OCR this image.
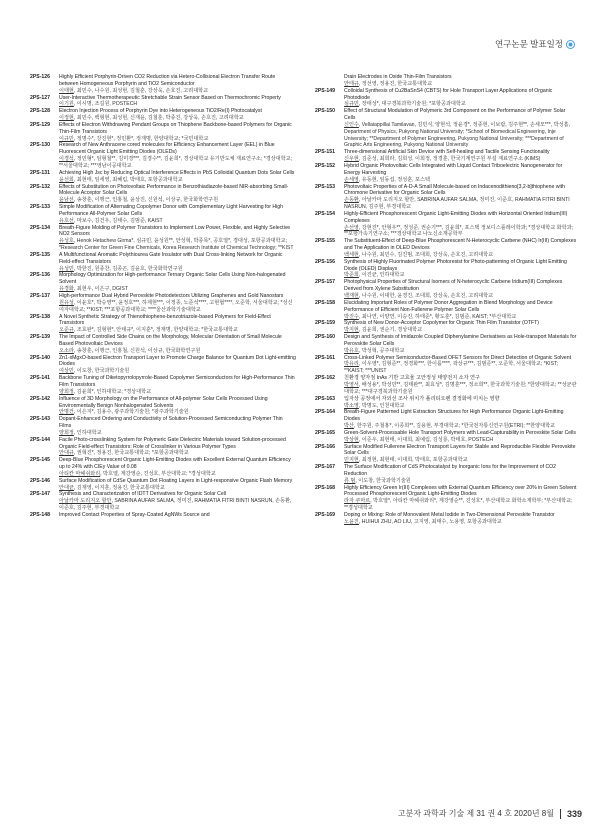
연구논문 발표일정
2PS-126	Highly Efficient Porphyrin-Driven CO2 Reduction via Hetero-Collisional Electron Transfer Route between Homogeneous Porphyrin and TiO2 Semiconductor
이태현, 최민수, 나수원, 최성현, 김철훈, 강상욱, 손호진, 고려대학교
2PS-127	User-Interactive Thermotherapeutic Stretchable Strain Sensor Based on Thermochromic Property
이기원, 이시명, 조길원, POSTECH
2PS-128	Electron Injection Process of Porphyrin Dye into Heterogeneous TiO2/Re(I) Photocatalyst
이정현, 최민수, 백형현, 최성현, 신재윤, 김철훈, 박종진, 강상욱, 손호진, 고려대학교
2PS-129	Effects of Electron Withdrawing Pendant Groups on Thiophene Backbone-based Polymers for Organic Thin-Film Transistors
이규민, 정명수*, 강진현*, 정민환*, 정재명, 한양대학교; *국민대학교
2PS-130	Research of New Anthracene cored molecules for Efficiency Enhancement Layer (EEL) in Blue Fluorescent Organic Light Emitting Diodes (OLEDs)
이경석, 정민형*, 임형철**, 김미경***, 김경수**, 김윤희*, 경상대학교 유기반도체 재료연구소; *경상대학교; **서울대학교; ***영남이공대학교
2PS-131	Achieving High Jsc by Reducing Optical Interference Effects in PbS Colloidal Quantum Dots Solar Cells
윤선희, 최현태, 임세영, 최혜림, 박태호, 포항공과대학교
2PS-132	Effects of Substitution on Photovoltaic Performance in Benzothiadiazole-based NIR-absorbing Small-Molecule Acceptor Solar Cells
윤남선, 송창훈, 이행근, 인홍철, 윤상진, 신원석, 이상규, 한국화학연구원
2PS-133	Simple Modification of Alternating Copolymer Donor with Complementary Light Harvesting for High Performance All-Polymer Solar Cells
유호선, 마보수, 김건우, 김태수, 김범준, KAIST
2PS-134	Breath-Figure Molding of Polymer Transistors to Implement Low Power, Flexible, and Highly Selective NO2 Sensors
유성호, Henok Hetachew Girma*, 심규민, 윤성원**, 안성혁, 박종목*, 공호열*, 경대성, 포항공과대학교; *Research Center for Green Fine Chemicals, Korea Research Institute of Chemical Technology; **KIST
2PS-135	A Multifunctional Aromatic Polythiourea Gate Insulator with Dual Cross-linking Network for Organic Field-effect Transistors
유성민, 박한진, 원종찬, 김종곤, 김윤호, 한국화학연구원
2PS-136	Morphology Optimization for High-performance Ternary Organic Solar Cells Using Non-halogenated Solvent
유경화, 최현우, 이은구, DGIST
2PS-137	High-performance Dual Hybrid Perovskite Photodetectors Utilizing Graphenes and Gold Nanostars
원유성, 이윤호*, 박승영**, 윤정호***, 하제현***, 이정종, 노준석****, 고현협****, 오준학, 서울대학교; *성신여자대학교; **KIST; ***포항공과대학교; ****울산과학기술대학교
2PS-138	A Novel Synthetic Strategy of Thienothiophene-benzotriazole-based Polymers for Field-Effect Transistors
오준규, 조효완*, 김형현*, 안태규*, 이지훈*, 정재명, 한양대학교; *한국교통대학교
2PS-139	The Impact of Controlled Side Chains on the Morphology, Molecular Orientation of Small Molecule Based Photovoltaic Devices
오소라, 송창훈, 이행근, 인홍철, 신원석, 이상규, 한국화학연구원
2PS-140	Zn1-xMgxO-based Electron Transport Layer to Promote Charge Balance for Quantum Dot Light-emitting Diodes
여상민, 이도창, 한국과학기술원
2PS-141	Backbone Tuning of Diketopyrrolopyrrole-Based Copolymer Semiconductors for High-Performance Thin Film Transistors
양희정, 김윤희*, 인하대학교; *경상대학교
2PS-142	Influence of 3D Morphology on the Performance of All-polymer Solar Cells Processed Using Environmentally Benign Nonhalogenated Solvents
안명건, 이은지*, 김용수, 광주과학기술원; *광주과학기술원
2PS-143	Dopant-Enhanced Ordering and Conductivity of Solution-Processed Semiconducting Polymer Thin Films
양희정, 인하대학교
2PS-144	Facile Photo-crosslinking System for Polymeric Gate Dielectric Materials toward Solution-processed Organic Field-effect Transistors: Role of Crosslinker in Various Polymer Types
안대규, 권혁진*, 정용진, 한국교통대학교; *포항공과대학교
2PS-145	Deep-Blue Phosphorescent Organic Light-Emitting Diodes with Excellent External Quantum Efficiency up to 24% with CIEy Value of 0.08
아티칸 마헤쉬와리, 박호열, 계강영순, 진성호, 부산대학교; *경성대학교
2PS-146	Surface Modification of CdSe Quantum Dot Floating Layers in Light-responsive Organic Flash Memory
안대균, 김재영, 이지훈, 정용진, 한국교통대학교
2PS-147	Synthesis and Characterization of IDTT Derivatives for Organic Solar Cell
아날카마 도리지오 할만, SABRINA AUFAR SALMA, 정미진, RAHMATIA FITRI BINTI NASRUN, 손동환, 이준호, 김주현, 부경대학교
2PS-148	Improved Contact Properties of Spray-Coated AgNWs Source and
Drain Electrodes in Oxide Thin-Film Transistors
안태규, 정선영, 정용진, 한국교통대학교
2PS-149	Colloidal Synthesis of Cu2BaSnS4 (CBTS) for Hole Transport Layer Applications of Organic Photodiode
심규민, 장태성*, 대구경북과학기술원; *포항공과대학교
2PS-150	Effect of Structural Modulation of Polymeric 3rd Component on the Performance of Polymer Solar Cells
신인수, Vellaiappillai Tamilavan, 김민식, 양현석, 정윤경*, 정종현, 이보람, 김주현**, 손세모***, 박성흠, Department of Physics, Pukyong National University; *School of Biomedical Engineering, Inje University; **Department of Polymer Engineering, Pukyong National University; ***Department of Graphic Arts Engineering, Pukyong National University
2PS-151	Three-dimensional Artificial Skin Device with Self-healing and Tactile Sensing Functionality
신우현, 김준성, 최희라, 김희성, 이희정, 정경훈, 한국기계연구원 부설 재료연구소 (KIMS)
2PS-152	Hybrid Organic Photovoltaic Cells Integrated with Liquid Contact Triboelectric Nanogenerator for Energy Harvesting
손세영, 유동현, 임동섭, 정성훈, 포스텍
2PS-153	Photovoltaic Properties of A-D-A Small Molecule-based on Indacenodithieno[3,2-b]thiophene with Chromone Derivative for Organic Solar Cells
손동환, 아날카마 도리지오 할만, SABRINA AUFAR SALMA, 정미진, 이준호, RAHMATIA FITRI BINTI NASRUN, 김주현, 부경대학교
2PS-154	Highly-Efficient Phosphorescent Organic Light-Emitting Diodes with Horizontal Oriented Iridium(III) Complexes
손선영, 강현진*, 안형우**, 정성준, 권순기***, 김윤희*, 포스텍 정보디스플레이학과; *경상대학교 화학과; **포항가속기연구소; ***경상대학교 나노신소재공학부
2PS-155	The Substituent-Effect of Deep-Blue Phosphorescent N-Heterocyclic Carbene (NHC) Ir(III) Complexes and The Application in OLED Devices
백세현, 나수원, 최민수, 김진범, 조대희, 강상욱, 손호진, 고려대학교
2PS-156	Synthesis of Highly Fluorinated Polymer Photoresist for Photo-patterning of Organic Light Emitting Diode (OLED) Displays
박준희, 이진균, 인하대학교
2PS-157	Photophysical Properties of Structural Isomers of N-heterocyclic Carbene Iridium(III) Complexes Derived from Xylene Substitution
백재현, 나수원, 이대한, 윤경진, 조대희, 강상욱, 손호진, 고려대학교
2PS-158	Elucidating Important Roles of Polymer Donor Aggregation in Blend Morphology and Device Performance of Efficient Non-Fullerene Polymer Solar Cells
박진수, 최나연, 이양연, 이승진, 하태준*, 황도훈*, 김범준, KAIST; *부산대학교
2PS-159	Synthesis of New Donor-Acceptor Copolymer for Organic Thin Film Transistor (OTFT)
박지현, 김윤희, 권순기, 경상대학교
2PS-160	Design and Synthesis of Imidazole Coupled Diphenylamine Derivatives as Hole-transport Materials for Perovskite Solar Cells
박유호, 박성혁, 공주대학교
2PS-161	Cross-Linked Polymer Semiconductor-Based OFET Sensors for Direct Detection of Organic Solvent
박유리, 이우영*, 김형준**, 정경화***, 한이룸****, 곽상규***, 김범준**, 오준학, 서울대학교; *KIST; **KAIST; ***UNIST
2PS-162	친환경 양자점 InAs 기반 고효율 고안정성 태양전지 소자 연구
박영서, 배성용*, 박성민**, 김태완**, 최효성*, 김명훈***, 정소희**, 한국과학기술원; *한양대학교; **성균관대학교; ***대구경북과학기술원
2PS-163	입자상 공정에서 자외선 조사 위치가 폴리티오펜 결정화에 미치는 영향
박소영, 박명도, 인천대학교
2PS-164	Breath-Figure Patterned Light Extraction Structures for High Performance Organic Light-Emitting Diodes
박산, 한주원, 주철홍*, 이종희**, 김용현, 부경대학교; *한국전자통신연구원(ETRI); **한양대학교
2PS-165	Green-Solvent-Processable Hole Transport Polymers with Lead-Capturability in Perovskite Solar Cells
박상현, 이준우, 최현태, 이대희, 최예림, 김성룡, 박태호, POSTECH
2PS-166	Surface Modified Fullerene Electron Transport Layers for Stable and Reproducible Flexible Perovskite Solar Cells
민지현, 최정현, 최현태, 이대희, 박태호, 포항공과대학교
2PS-167	The Surface Modification of CdS Photocatalyst by Inorganic Ions for the Improvement of CO2 Reduction
류 범, 이도창, 한국과학기술원
2PS-168	Highly Efficiency Green Ir(III) Complexes with External Quantum Efficiency over 20% in Green Solvent Processed Phosphorescent Organic Light-Emitting Diodes
라자 쿠마르, 박호열*, 아티칸 마헤쉬와리*, 계강영순**, 진성호*, 부산대학교 화학소재학부; *부산대학교; **경성대학교
2PS-169	Doping or Mixing: Role of Monovalent Metal Iodide in Two-Dimensional Perovskite Transistor
노윤진, HUIHUI ZHU, AO LIU, 고지영, 최태수, 노용영, 포항공과대학교
고분자 과학과 기술 제 31 권 4 호 2020년 8월 339
